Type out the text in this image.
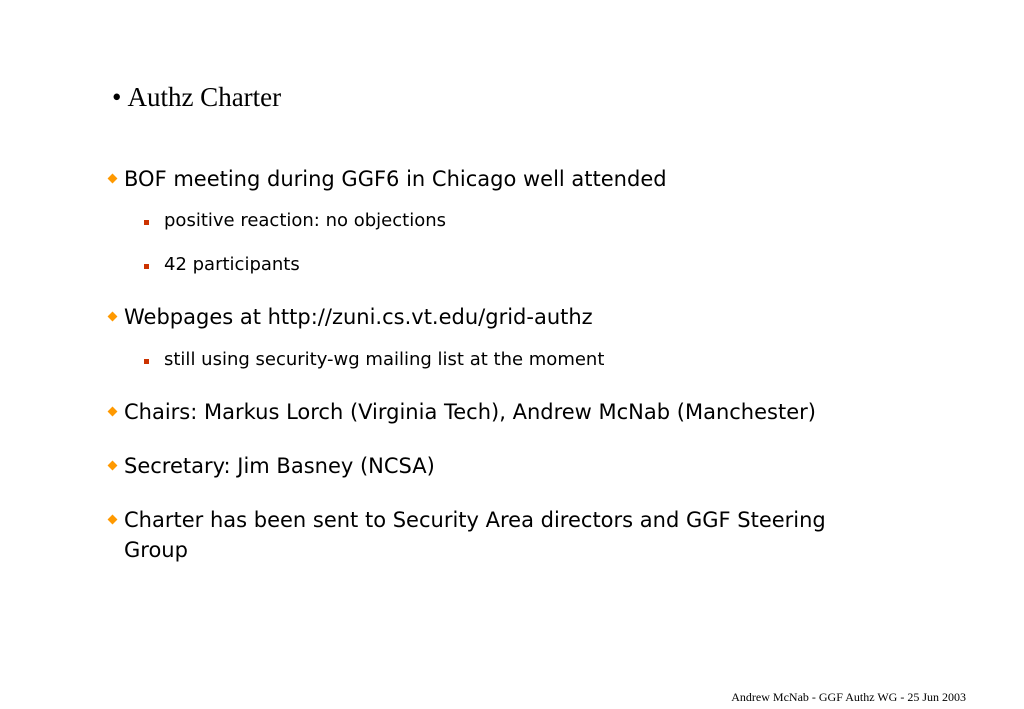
• Authz Charter
BOF meeting during GGF6 in Chicago well attended
positive reaction: no objections
42 participants
Webpages at http://zuni.cs.vt.edu/grid-authz
still using security-wg mailing list at the moment
Chairs: Markus Lorch (Virginia Tech), Andrew McNab (Manchester)
Secretary: Jim Basney (NCSA)
Charter has been sent to Security Area directors and GGF Steering
Group
Andrew McNab - GGF Authz WG - 25 Jun 2003
